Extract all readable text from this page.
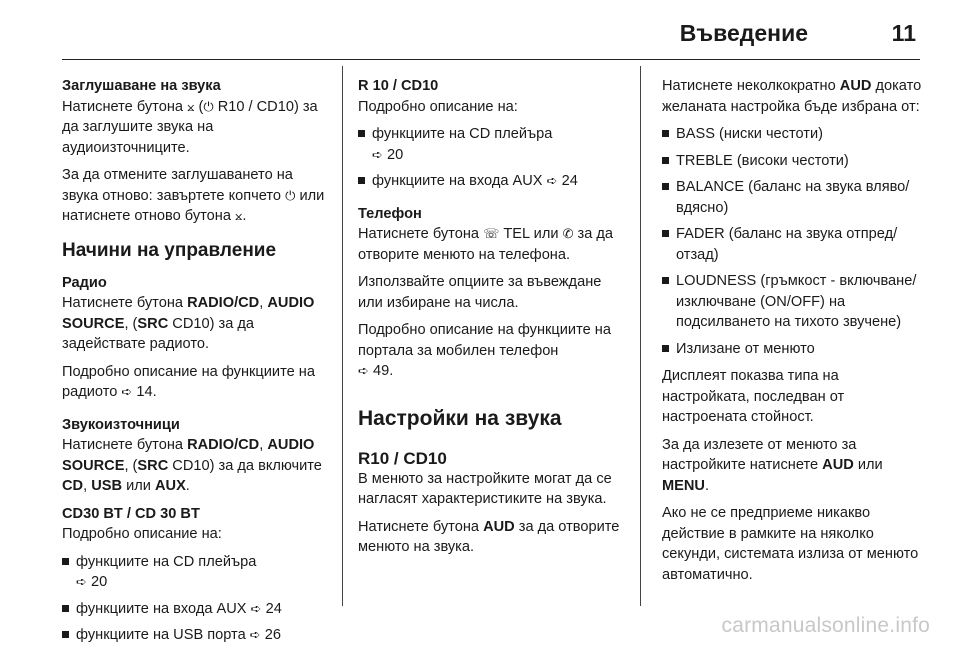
Въведение	11

Заглушаване на звука

Натиснете бутона ⨲ (⏻ R10 / CD10) за да заглушите звука на аудиоизточниците.

За да отмените заглушаването на звука отново: завъртете копчето ⏻ или натиснете отново бутона ⨲.

Начини на управление

Радио

Натиснете бутона RADIO/CD, AUDIO SOURCE, (SRC CD10) за да задействате радиото.

Подробно описание на функциите на радиото ➪ 14.

Звукоизточници

Натиснете бутона RADIO/CD, AUDIO SOURCE, (SRC CD10) за да включите CD, USB или AUX.

CD30 BT / CD 30 BT

Подробно описание на:

функциите на CD плейъра
➪ 20
функциите на входа AUX ➪ 24
функциите на USB порта ➪ 26

R 10 / CD10

Подробно описание на:

функциите на CD плейъра
➪ 20
функциите на входа AUX ➪ 24

Телефон

Натиснете бутона ☏ TEL или ✆ за да отворите менюто на телефона.

Използвайте опциите за въвеждане или избиране на числа.

Подробно описание на функциите на портала за мобилен телефон
➪ 49.

Настройки на звука

R10 / CD10

В менюто за настройките могат да се нагласят характеристиките на звука.

Натиснете бутона AUD за да отворите менюто на звука.

Натиснете неколкократно AUD докато желаната настройка бъде избрана от:

BASS (ниски честоти)
TREBLE (високи честоти)
BALANCE (баланс на звука вляво/вдясно)
FADER (баланс на звука отпред/отзад)
LOUDNESS (гръмкост - включване/изключване (ON/OFF) на подсилването на тихото звучене)
Излизане от менюто

Дисплеят показва типа на настройката, последван от настроената стойност.

За да излезете от менюто за настройките натиснете AUD или MENU.

Ако не се предприеме никакво действие в рамките на няколко секунди, системата излиза от менюто автоматично.

carmanualsonline.info
